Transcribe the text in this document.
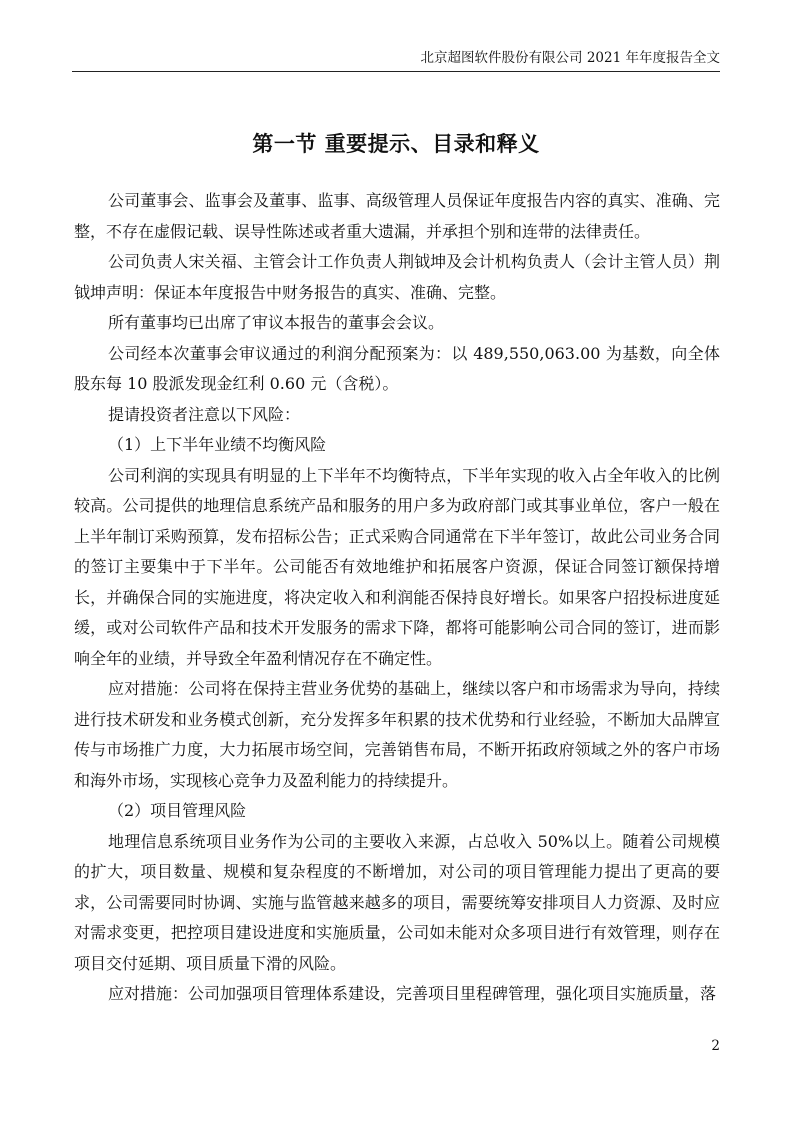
北京超图软件股份有限公司 2021 年年度报告全文
第一节 重要提示、目录和释义

公司董事会、监事会及董事、监事、高级管理人员保证年度报告内容的真实、准确、完整，不存在虚假记载、误导性陈述或者重大遗漏，并承担个别和连带的法律责任。

公司负责人宋关福、主管会计工作负责人荆钺坤及会计机构负责人（会计主管人员）荆钺坤声明：保证本年度报告中财务报告的真实、准确、完整。

所有董事均已出席了审议本报告的董事会会议。

公司经本次董事会审议通过的利润分配预案为：以 489,550,063.00 为基数，向全体股东每 10 股派发现金红利 0.60 元（含税）。

提请投资者注意以下风险：

（1）上下半年业绩不均衡风险

公司利润的实现具有明显的上下半年不均衡特点，下半年实现的收入占全年收入的比例较高。公司提供的地理信息系统产品和服务的用户多为政府部门或其事业单位，客户一般在上半年制订采购预算，发布招标公告；正式采购合同通常在下半年签订，故此公司业务合同的签订主要集中于下半年。公司能否有效地维护和拓展客户资源，保证合同签订额保持增长，并确保合同的实施进度，将决定收入和利润能否保持良好增长。如果客户招投标进度延缓，或对公司软件产品和技术开发服务的需求下降，都将可能影响公司合同的签订，进而影响全年的业绩，并导致全年盈利情况存在不确定性。

应对措施：公司将在保持主营业务优势的基础上，继续以客户和市场需求为导向，持续进行技术研发和业务模式创新，充分发挥多年积累的技术优势和行业经验，不断加大品牌宣传与市场推广力度，大力拓展市场空间，完善销售布局，不断开拓政府领域之外的客户市场和海外市场，实现核心竞争力及盈利能力的持续提升。

（2）项目管理风险

地理信息系统项目业务作为公司的主要收入来源，占总收入 50%以上。随着公司规模的扩大，项目数量、规模和复杂程度的不断增加，对公司的项目管理能力提出了更高的要求，公司需要同时协调、实施与监管越来越多的项目，需要统筹安排项目人力资源、及时应对需求变更，把控项目建设进度和实施质量，公司如未能对众多项目进行有效管理，则存在项目交付延期、项目质量下滑的风险。

应对措施：公司加强项目管理体系建设，完善项目里程碑管理，强化项目实施质量，落

2
